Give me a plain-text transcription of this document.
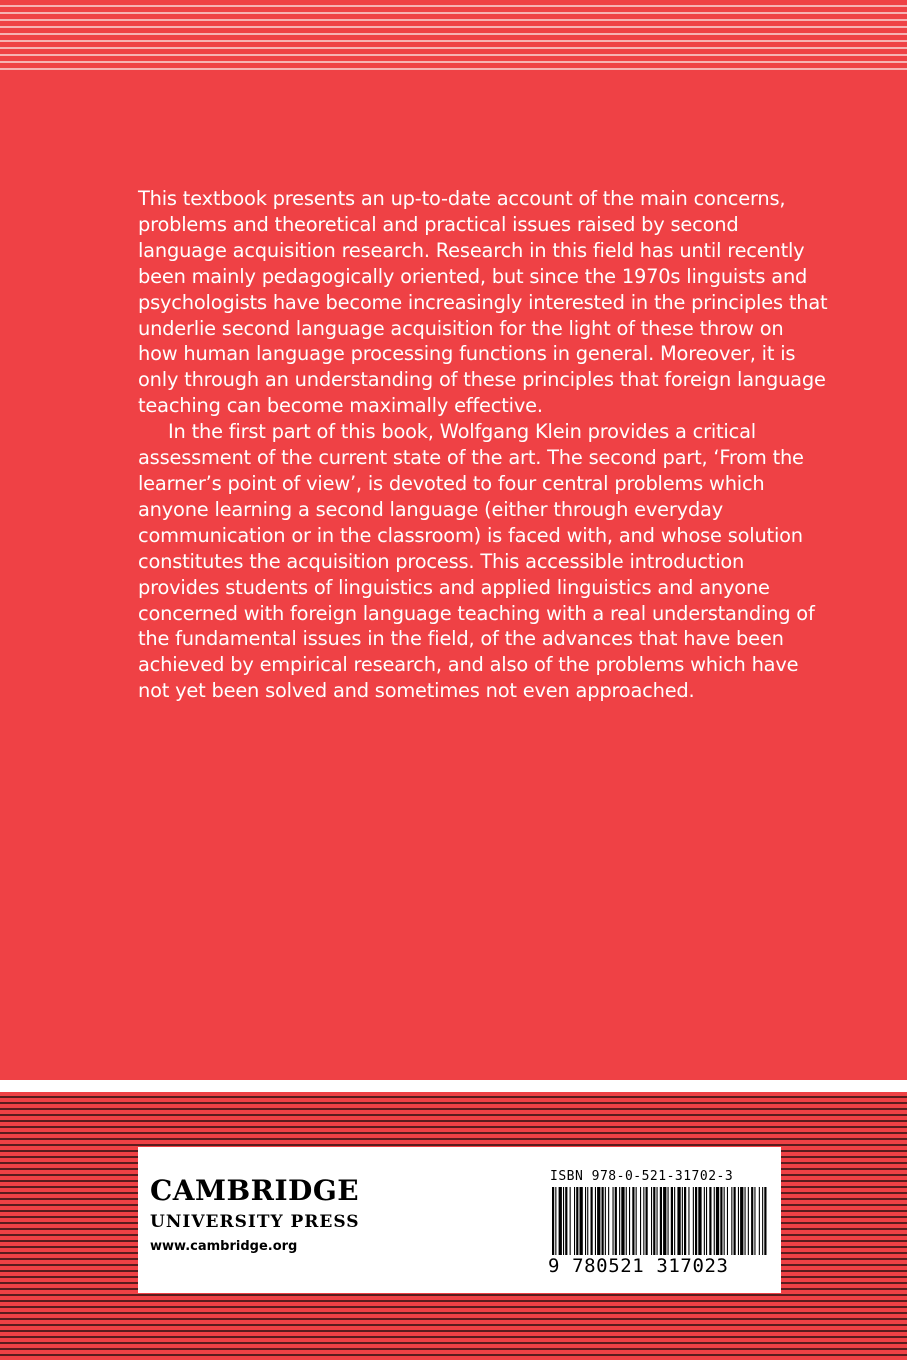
This textbook presents an up-to-date account of the main concerns, problems and theoretical and practical issues raised by second language acquisition research. Research in this field has until recently been mainly pedagogically oriented, but since the 1970s linguists and psychologists have become increasingly interested in the principles that underlie second language acquisition for the light of these throw on how human language processing functions in general. Moreover, it is only through an understanding of these principles that foreign language teaching can become maximally effective.

In the first part of this book, Wolfgang Klein provides a critical assessment of the current state of the art. The second part, ‘From the learner’s point of view’, is devoted to four central problems which anyone learning a second language (either through everyday communication or in the classroom) is faced with, and whose solution constitutes the acquisition process. This accessible introduction provides students of linguistics and applied linguistics and anyone concerned with foreign language teaching with a real understanding of the fundamental issues in the field, of the advances that have been achieved by empirical research, and also of the problems which have not yet been solved and sometimes not even approached.

CAMBRIDGE
UNIVERSITY PRESS
www.cambridge.org
ISBN 978-0-521-31702-3
9 780521 317023
